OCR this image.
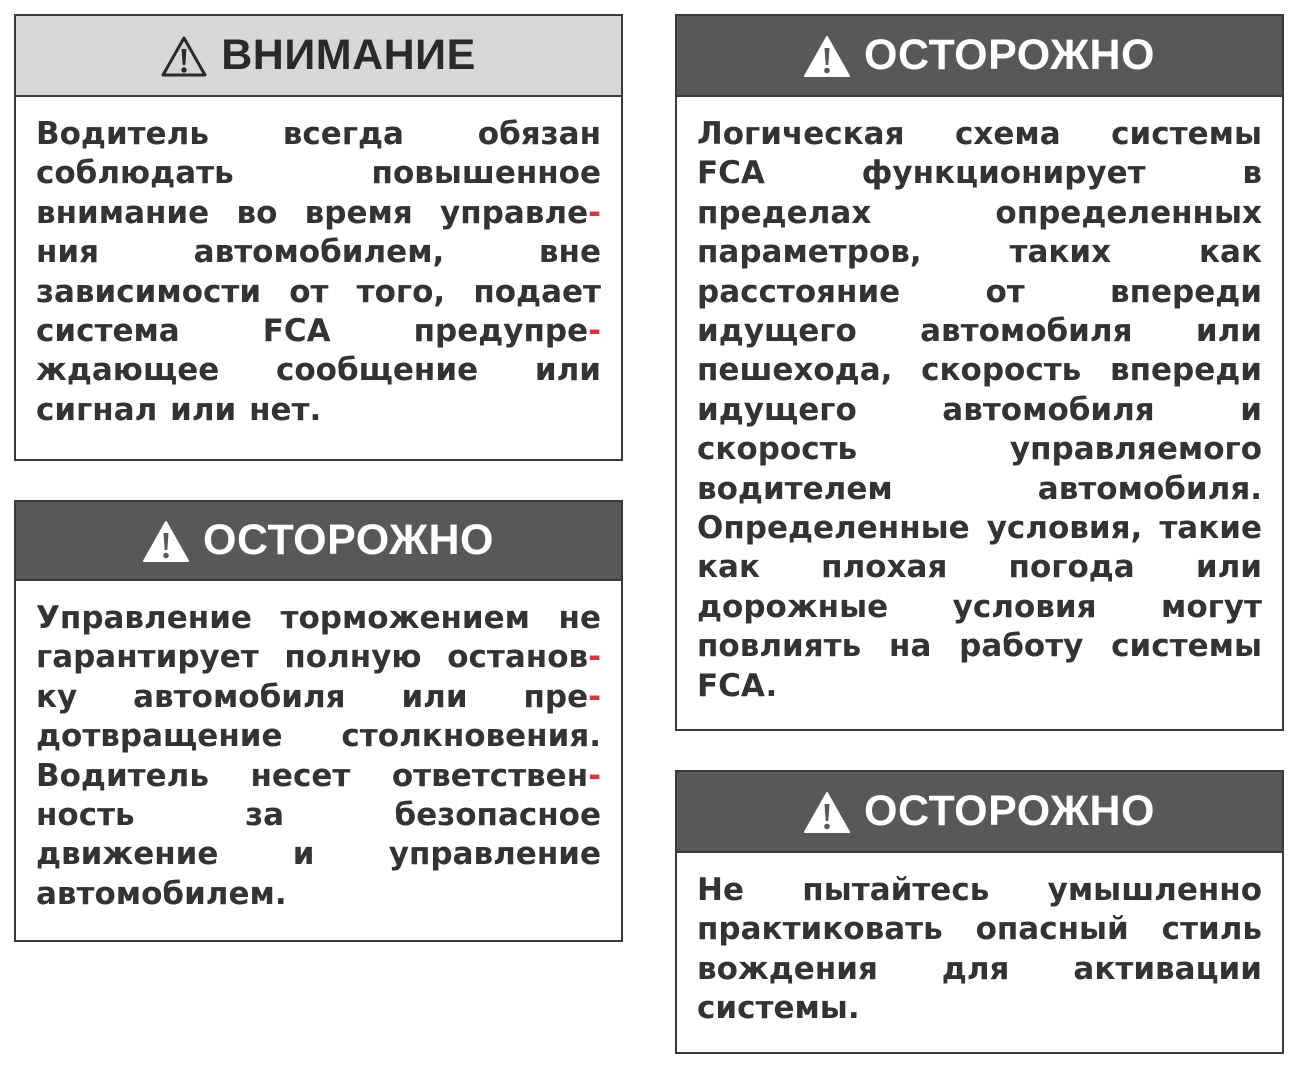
ВНИМАНИЕ
Водитель всегда обязан
соблюдать повышенное
внимание во время управле-
ния автомобилем, вне
зависимости от того, подает
система FCA предупре-
ждающее сообщение или
сигнал или нет.
ОСТОРОЖНО
Управление торможением не
гарантирует полную останов-
ку автомобиля или пре-
дотвращение столкновения.
Водитель несет ответствен-
ность за безопасное
движение и управление
автомобилем.
ОСТОРОЖНО
Логическая схема системы
FCA функционирует в
пределах определенных
параметров, таких как
расстояние от впереди
идущего автомобиля или
пешехода, скорость впереди
идущего автомобиля и
скорость управляемого
водителем автомобиля.
Определенные условия, такие
как плохая погода или
дорожные условия могут
повлиять на работу системы
FCA.
ОСТОРОЖНО
Не пытайтесь умышленно
практиковать опасный стиль
вождения для активации
системы.
